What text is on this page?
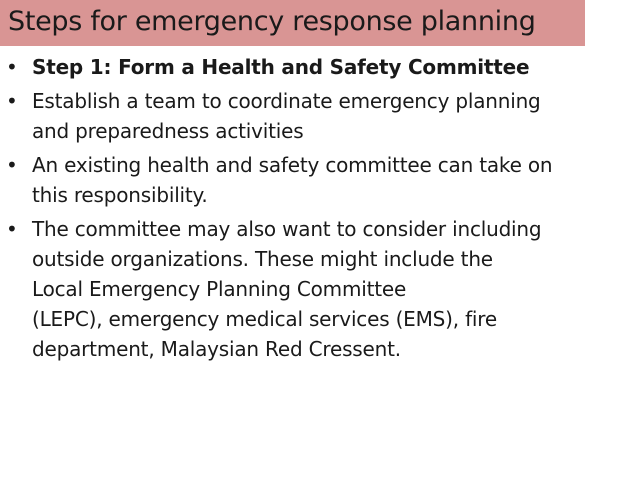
Steps for emergency response planning
• Step 1: Form a Health and Safety Committee
• Establish a team to coordinate emergency planning
and preparedness activities
• An existing health and safety committee can take on
this responsibility.
• The committee may also want to consider including
outside organizations. These might include the
Local Emergency Planning Committee
(LEPC), emergency medical services (EMS), fire
department, Malaysian Red Cressent.
